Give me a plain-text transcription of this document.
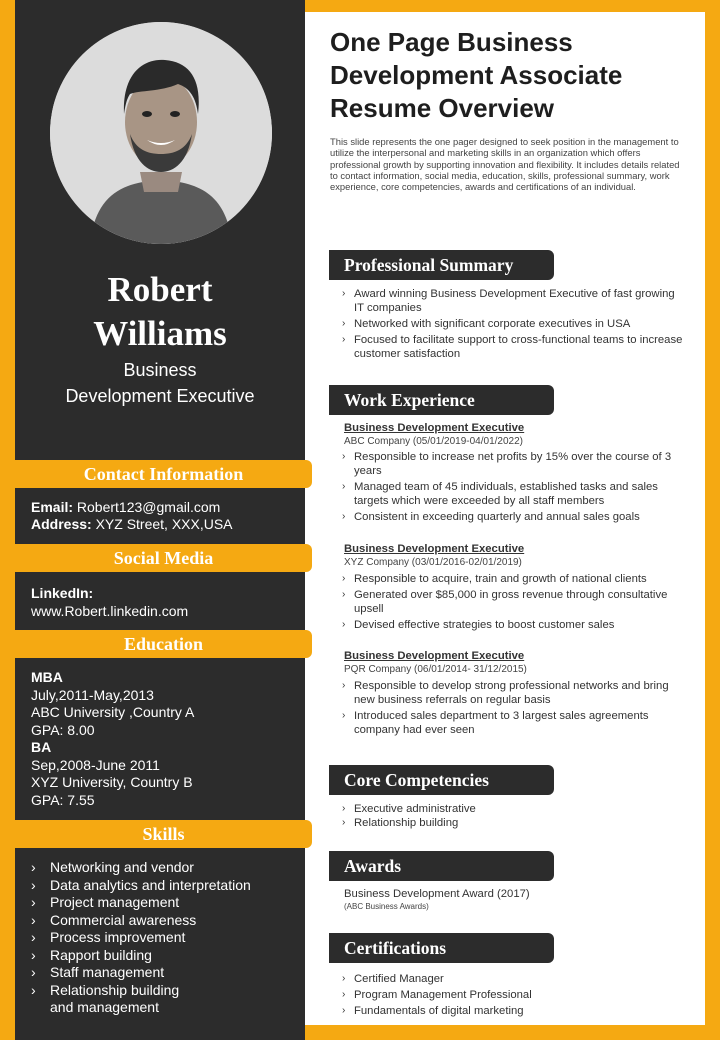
Robert
Williams
Business
Development Executive
Contact Information
Email: Robert123@gmail.com
Address: XYZ Street, XXX,USA
Social Media
LinkedIn:
www.Robert.linkedin.com
Education
MBA
July,2011-May,2013
ABC University ,Country A
GPA: 8.00
BA
Sep,2008-June 2011
XYZ University, Country B
GPA: 7.55
Skills
› Networking and vendor
› Data analytics and interpretation
› Project management
› Commercial awareness
› Process improvement
› Rapport building
› Staff management
› Relationship building
and management
One Page Business Development Associate Resume Overview
This slide represents the one pager designed to seek position in the management to utilize the interpersonal and marketing skills in an organization which offers professional growth by supporting innovation and flexibility. It includes details related to contact information, social media, education, skills, professional summary, work experience, core competencies, awards and certifications of an individual.
Professional Summary
› Award winning Business Development Executive of fast growing IT companies
› Networked with significant corporate executives in USA
› Focused to facilitate support to cross-functional teams to increase customer satisfaction
Work Experience
Business Development Executive
ABC Company (05/01/2019-04/01/2022)
› Responsible to increase net profits by 15% over the course of 3 years
› Managed team of 45 individuals, established tasks and sales targets which were exceeded by all staff members
› Consistent in exceeding quarterly and annual sales goals
Business Development Executive
XYZ Company (03/01/2016-02/01/2019)
› Responsible to acquire, train and growth of national clients
› Generated over $85,000 in gross revenue through consultative upsell
› Devised effective strategies to boost customer sales
Business Development Executive
PQR Company (06/01/2014- 31/12/2015)
› Responsible to develop strong professional networks and bring new business referrals on regular basis
› Introduced sales department to 3 largest sales agreements company had ever seen
Core Competencies
› Executive administrative
› Relationship building
Awards
Business Development Award (2017)
(ABC Business Awards)
Certifications
› Certified Manager
› Program Management Professional
› Fundamentals of digital marketing
